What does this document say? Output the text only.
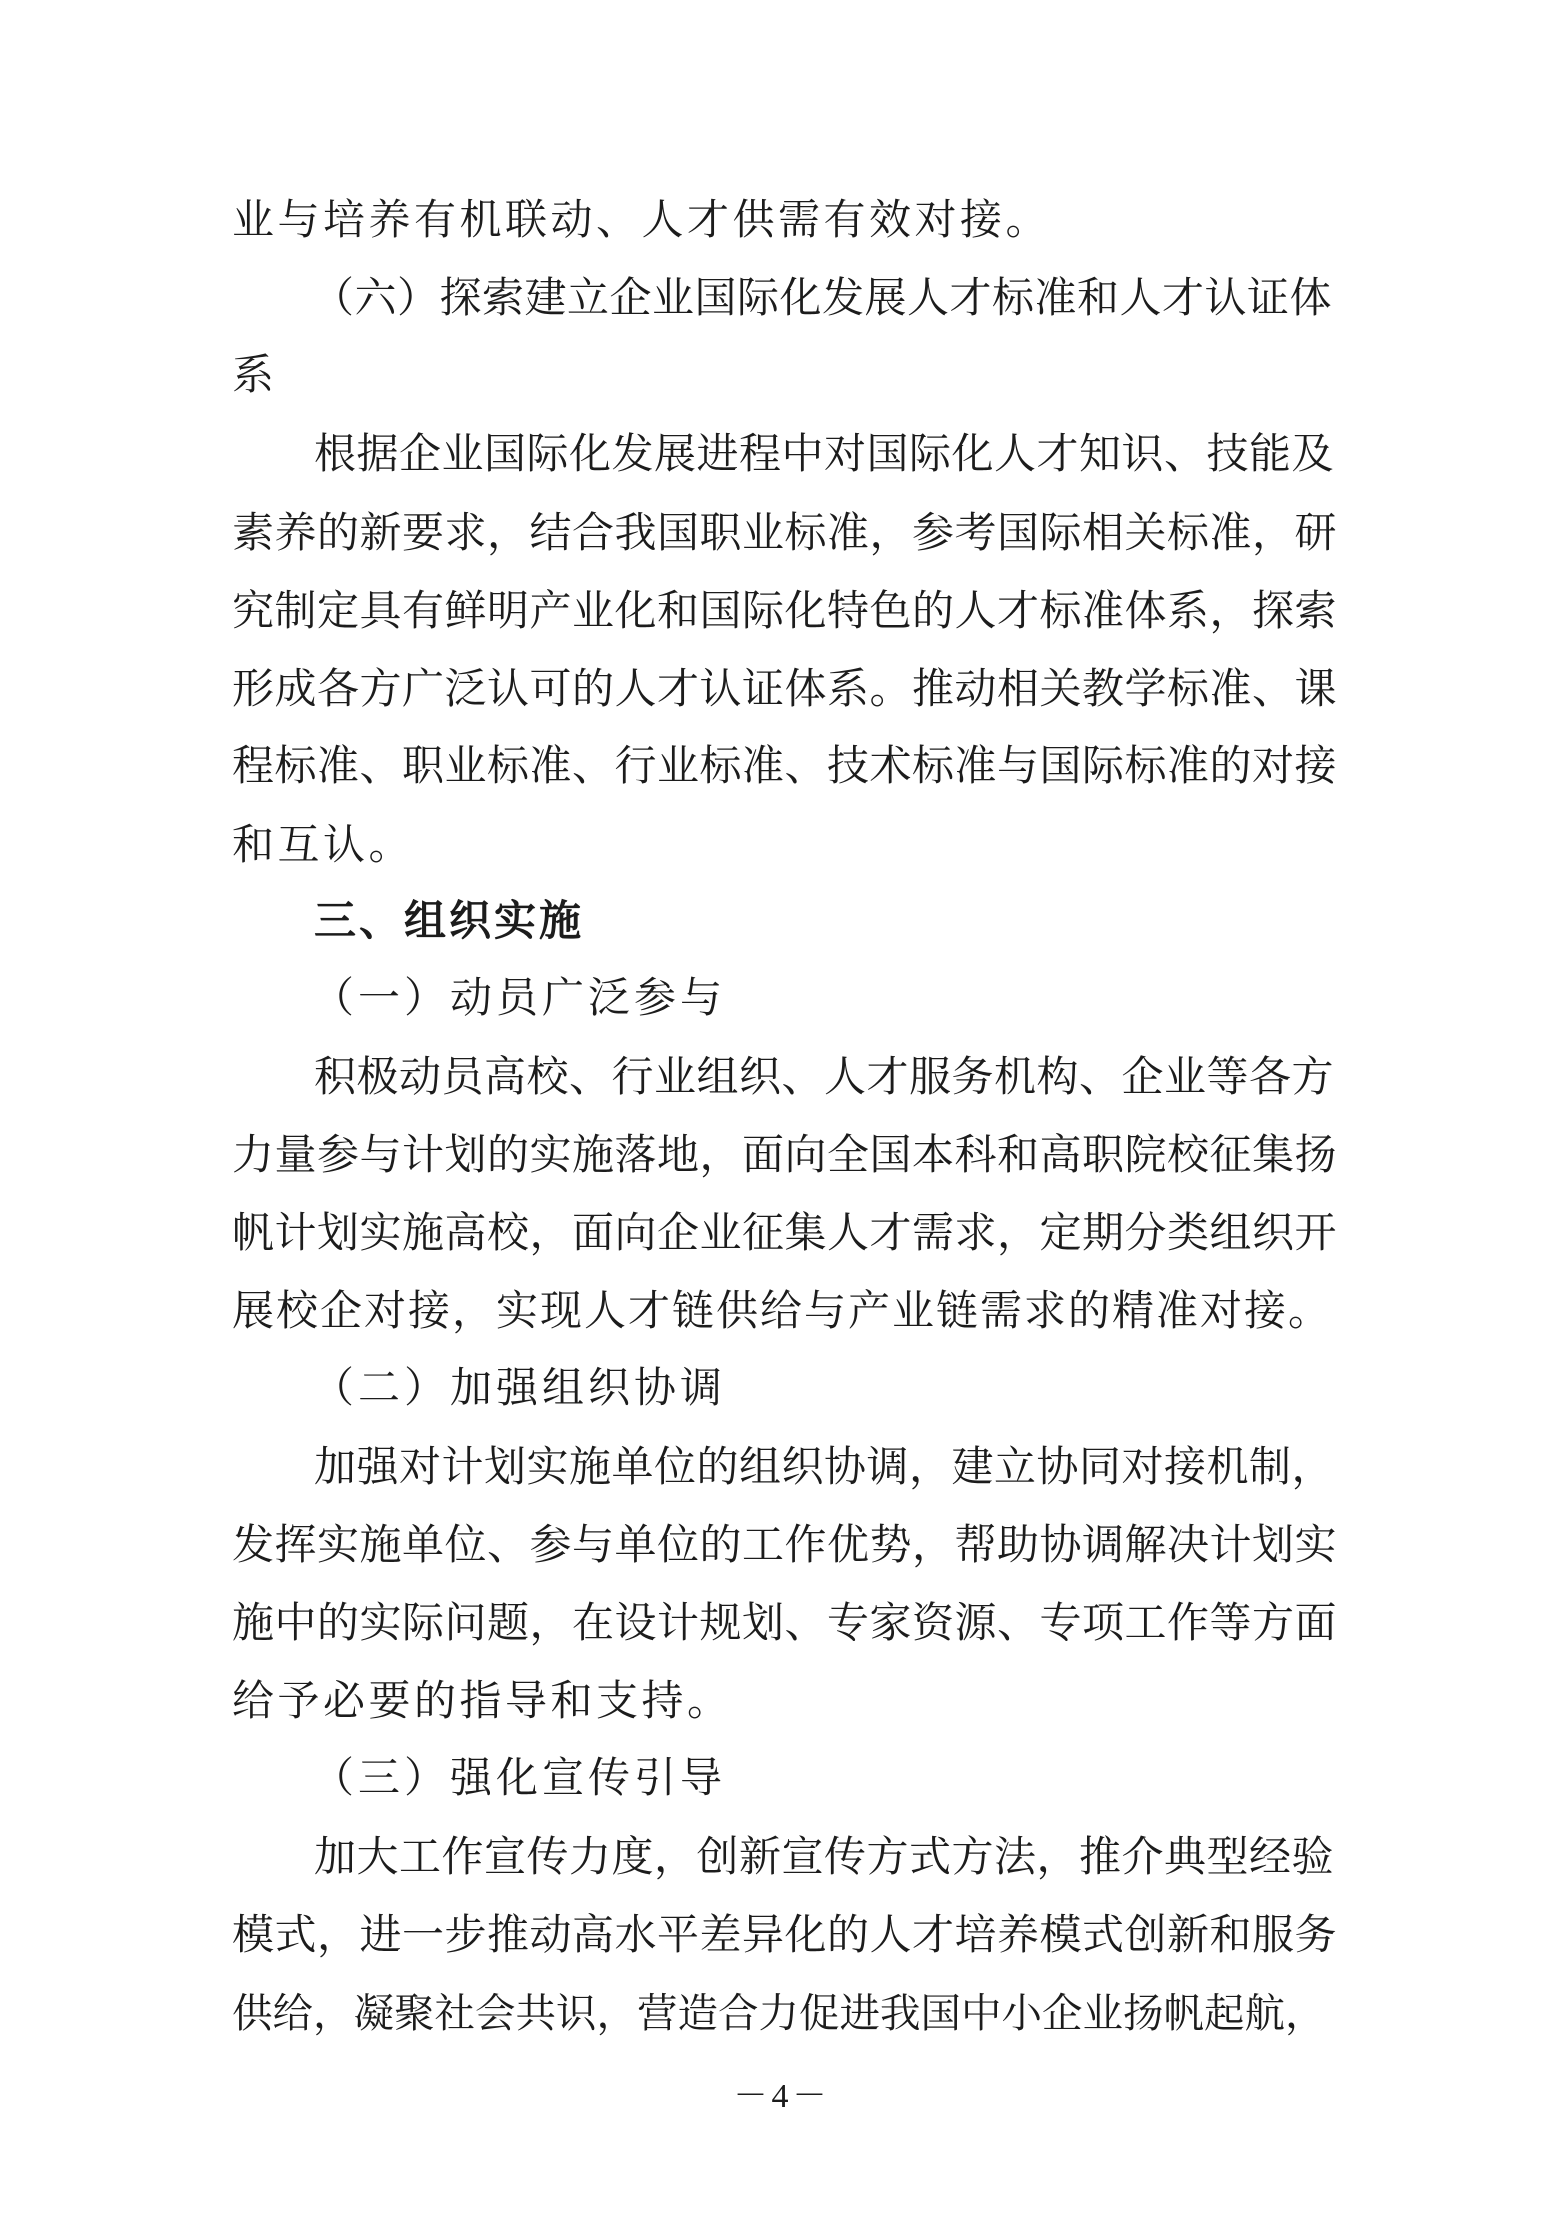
业与培养有机联动、人才供需有效对接。

（六）探索建立企业国际化发展人才标准和人才认证体

系

根据企业国际化发展进程中对国际化人才知识、技能及

素养的新要求，结合我国职业标准，参考国际相关标准，研

究制定具有鲜明产业化和国际化特色的人才标准体系，探索

形成各方广泛认可的人才认证体系。推动相关教学标准、课

程标准、职业标准、行业标准、技术标准与国际标准的对接

和互认。

三、组织实施

（一）动员广泛参与

积极动员高校、行业组织、人才服务机构、企业等各方

力量参与计划的实施落地，面向全国本科和高职院校征集扬

帆计划实施高校，面向企业征集人才需求，定期分类组织开

展校企对接，实现人才链供给与产业链需求的精准对接。

（二）加强组织协调

加强对计划实施单位的组织协调，建立协同对接机制，

发挥实施单位、参与单位的工作优势，帮助协调解决计划实

施中的实际问题，在设计规划、专家资源、专项工作等方面

给予必要的指导和支持。

（三）强化宣传引导

加大工作宣传力度，创新宣传方式方法，推介典型经验

模式，进一步推动高水平差异化的人才培养模式创新和服务

供给，凝聚社会共识，营造合力促进我国中小企业扬帆起航，

－4－
